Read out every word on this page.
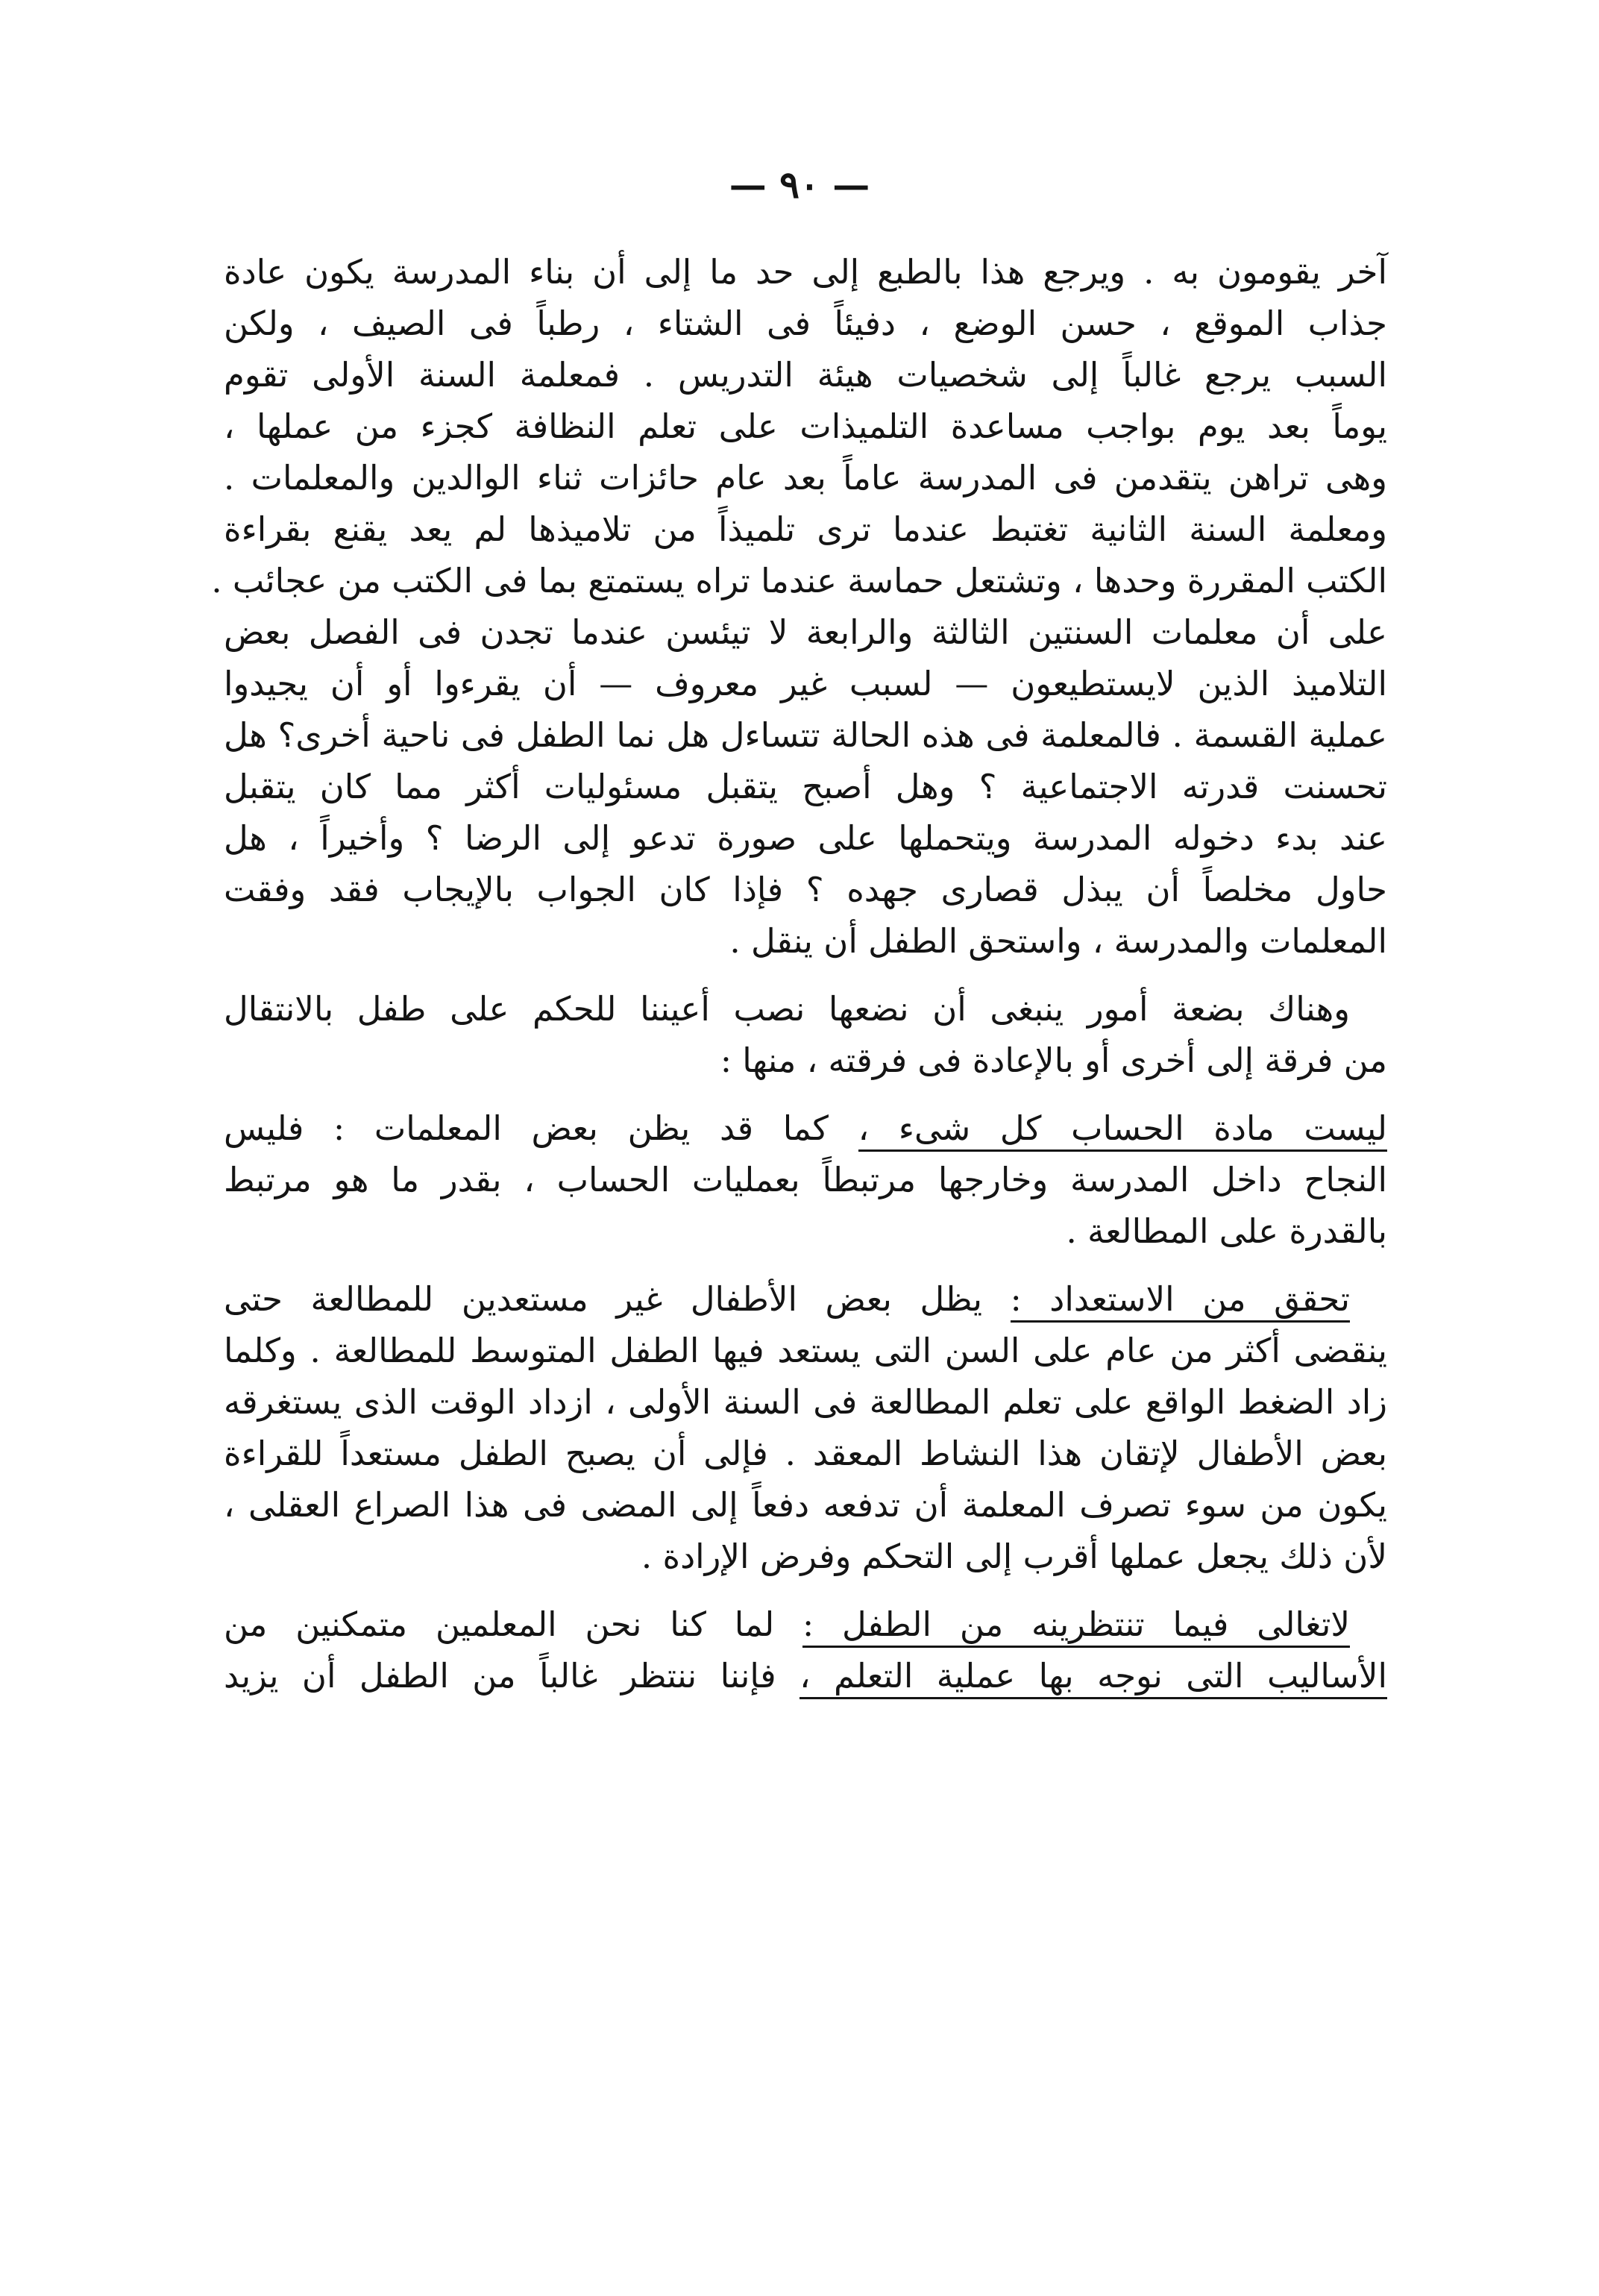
— ٩٠ —
آخر يقومون به . ويرجع هذا بالطبع إلى حد ما إلى أن بناء المدرسة يكون عادة
جذاب الموقع ، حسن الوضع ، دفيئاً فى الشتاء ، رطباً فى الصيف ، ولكن
السبب يرجع غالباً إلى شخصيات هيئة التدريس . فمعلمة السنة الأولى تقوم
يوماً بعد يوم بواجب مساعدة التلميذات على تعلم النظافة كجزء من عملها ،
وهى تراهن يتقدمن فى المدرسة عاماً بعد عام حائزات ثناء الوالدين والمعلمات .
ومعلمة السنة الثانية تغتبط عندما ترى تلميذاً من تلاميذها لم يعد يقنع بقراءة
الكتب المقررة وحدها ، وتشتعل حماسة عندما تراه يستمتع بما فى الكتب من عجائب .
على أن معلمات السنتين الثالثة والرابعة لا تيئسن عندما تجدن فى الفصل بعض
التلاميذ الذين لايستطيعون — لسبب غير معروف — أن يقرءوا أو أن يجيدوا
عملية القسمة . فالمعلمة فى هذه الحالة تتساءل هل نما الطفل فى ناحية أخرى؟ هل
تحسنت قدرته الاجتماعية ؟ وهل أصبح يتقبل مسئوليات أكثر مما كان يتقبل
عند بدء دخوله المدرسة ويتحملها على صورة تدعو إلى الرضا ؟ وأخيراً ، هل
حاول مخلصاً أن يبذل قصارى جهده ؟ فإذا كان الجواب بالإيجاب فقد وفقت
المعلمات والمدرسة ، واستحق الطفل أن ينقل .
وهناك بضعة أمور ينبغى أن نضعها نصب أعيننا للحكم على طفل بالانتقال
من فرقة إلى أخرى أو بالإعادة فى فرقته ، منها :
ليست مادة الحساب كل شىء ، كما قد يظن بعض المعلمات : فليس
النجاح داخل المدرسة وخارجها مرتبطاً بعمليات الحساب ، بقدر ما هو مرتبط
بالقدرة على المطالعة .
تحقق من الاستعداد : يظل بعض الأطفال غير مستعدين للمطالعة حتى
ينقضى أكثر من عام على السن التى يستعد فيها الطفل المتوسط للمطالعة . وكلما
زاد الضغط الواقع على تعلم المطالعة فى السنة الأولى ، ازداد الوقت الذى يستغرقه
بعض الأطفال لإتقان هذا النشاط المعقد . فإلى أن يصبح الطفل مستعداً للقراءة
يكون من سوء تصرف المعلمة أن تدفعه دفعاً إلى المضى فى هذا الصراع العقلى ،
لأن ذلك يجعل عملها أقرب إلى التحكم وفرض الإرادة .
لاتغالى فيما تنتظرينه من الطفل : لما كنا نحن المعلمين متمكنين من
الأساليب التى نوجه بها عملية التعلم ، فإننا ننتظر غالباً من الطفل أن يزيد
